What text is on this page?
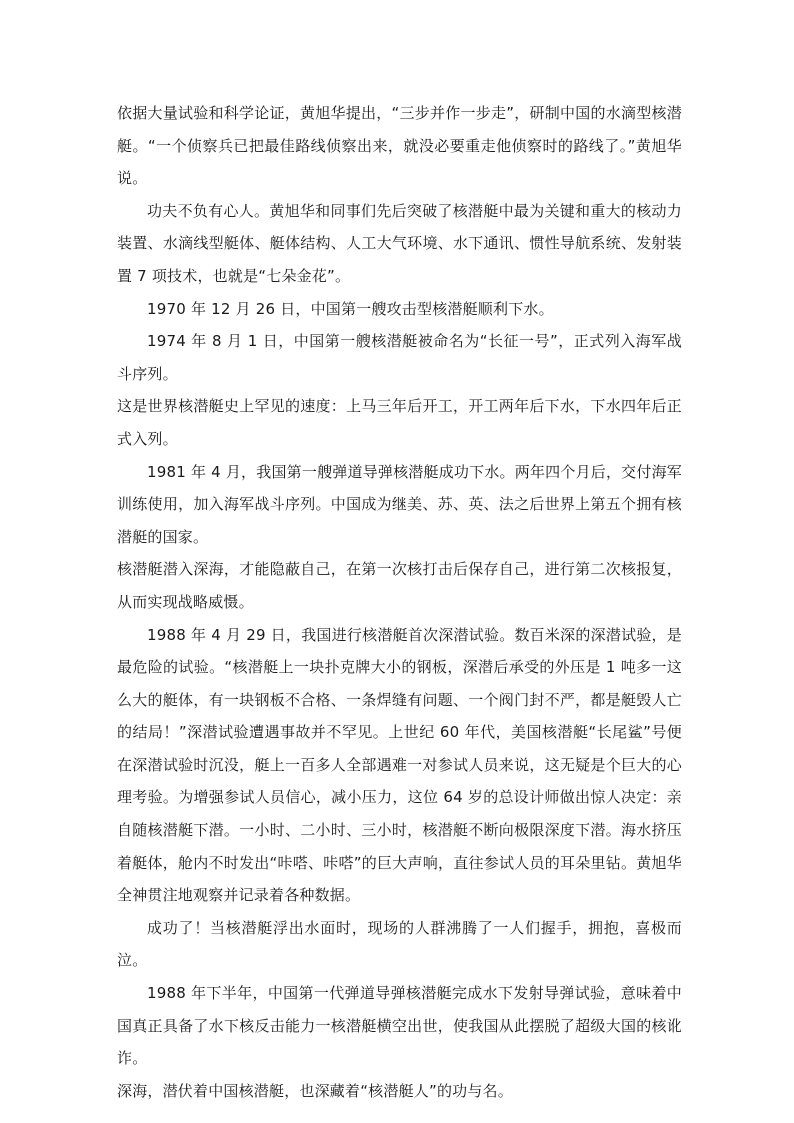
依据大量试验和科学论证，黄旭华提出，“三步并作一步走”，研制中国的水滴型核潜艇。“一个侦察兵已把最佳路线侦察出来，就没必要重走他侦察时的路线了。”黄旭华说。

功夫不负有心人。黄旭华和同事们先后突破了核潜艇中最为关键和重大的核动力装置、水滴线型艇体、艇体结构、人工大气环境、水下通讯、惯性导航系统、发射装置 7 项技术，也就是“七朵金花”。

1970 年 12 月 26 日，中国第一艘攻击型核潜艇顺利下水。

1974 年 8 月 1 日，中国第一艘核潜艇被命名为“长征一号”，正式列入海军战斗序列。

这是世界核潜艇史上罕见的速度：上马三年后开工，开工两年后下水，下水四年后正式入列。

1981 年 4 月，我国第一艘弹道导弹核潜艇成功下水。两年四个月后，交付海军训练使用，加入海军战斗序列。中国成为继美、苏、英、法之后世界上第五个拥有核潜艇的国家。

核潜艇潜入深海，才能隐蔽自己，在第一次核打击后保存自己，进行第二次核报复，从而实现战略威慑。

1988 年 4 月 29 日，我国进行核潜艇首次深潜试验。数百米深的深潜试验，是最危险的试验。“核潜艇上一块扑克牌大小的钢板，深潜后承受的外压是 1 吨多一这么大的艇体，有一块钢板不合格、一条焊缝有问题、一个阀门封不严，都是艇毁人亡的结局！”深潜试验遭遇事故并不罕见。上世纪 60 年代，美国核潜艇“长尾鲨”号便在深潜试验时沉没，艇上一百多人全部遇难一对参试人员来说，这无疑是个巨大的心理考验。为增强参试人员信心，减小压力，这位 64 岁的总设计师做出惊人决定：亲自随核潜艇下潜。一小时、二小时、三小时，核潜艇不断向极限深度下潜。海水挤压着艇体，舱内不时发出“咔嗒、咔嗒”的巨大声响，直往参试人员的耳朵里钻。黄旭华全神贯注地观察并记录着各种数据。

成功了！当核潜艇浮出水面时，现场的人群沸腾了一人们握手，拥抱，喜极而泣。

1988 年下半年，中国第一代弹道导弹核潜艇完成水下发射导弹试验，意味着中国真正具备了水下核反击能力一核潜艇横空出世，使我国从此摆脱了超级大国的核讹诈。

深海，潜伏着中国核潜艇，也深藏着“核潜艇人”的功与名。
